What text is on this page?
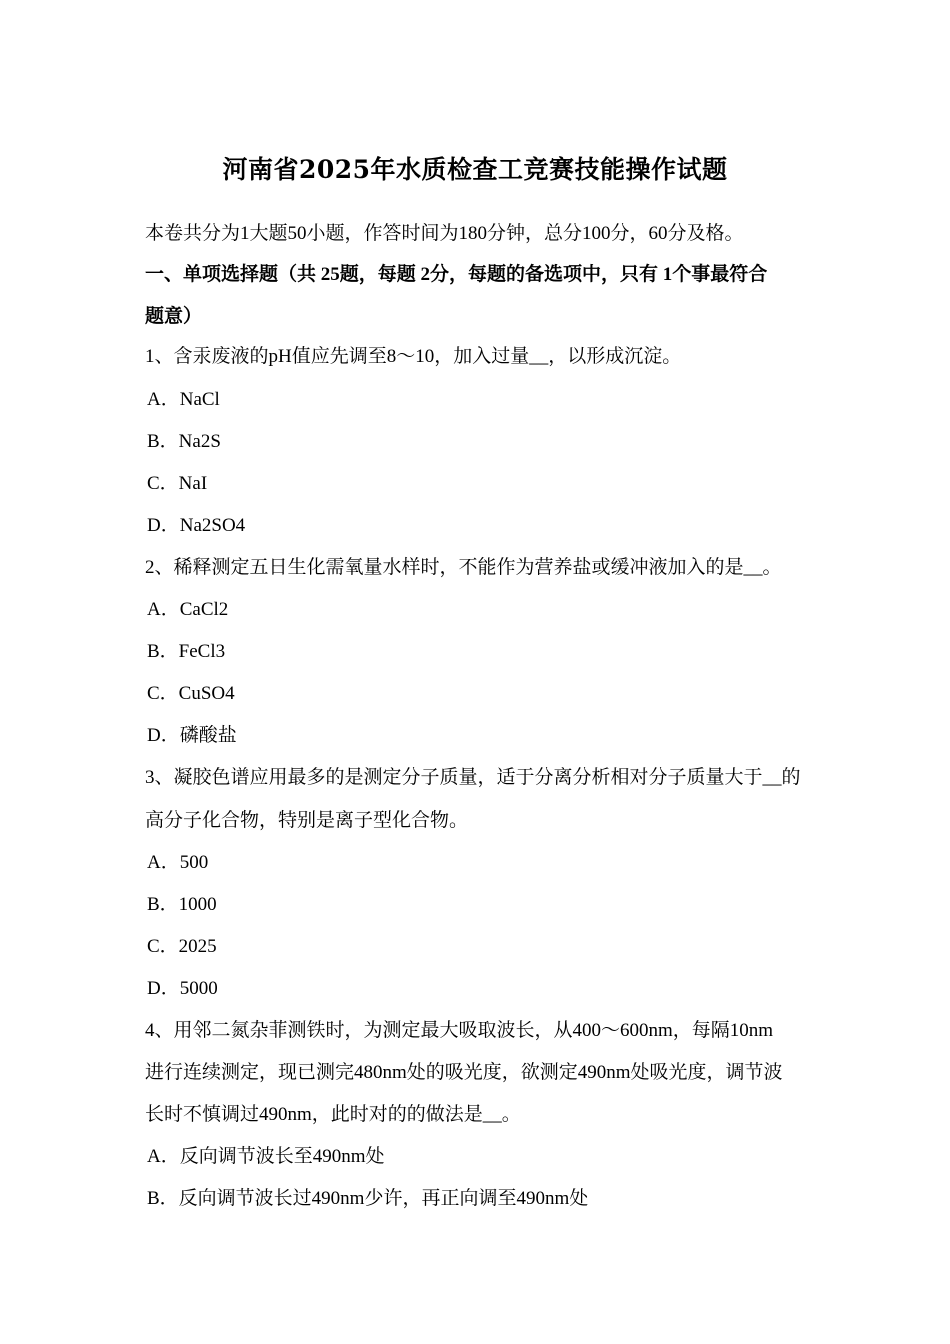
河南省2025年水质检查工竞赛技能操作试题
本卷共分为1大题50小题，作答时间为180分钟，总分100分，60分及格。
一、单项选择题（共 25题，每题 2分，每题的备选项中，只有 1个事最符合
题意）
1、含汞废液的pH值应先调至8～10，加入过量__，以形成沉淀。
A．NaCl
B．Na2S
C．NaI
D．Na2SO4
2、稀释测定五日生化需氧量水样时，不能作为营养盐或缓冲液加入的是__。
A．CaCl2
B．FeCl3
C．CuSO4
D．磷酸盐
3、凝胶色谱应用最多的是测定分子质量，适于分离分析相对分子质量大于__的
高分子化合物，特别是离子型化合物。
A．500
B．1000
C．2025
D．5000
4、用邻二氮杂菲测铁时，为测定最大吸取波长，从400～600nm，每隔10nm
进行连续测定，现已测完480nm处的吸光度，欲测定490nm处吸光度，调节波
长时不慎调过490nm，此时对的的做法是__。
A．反向调节波长至490nm处
B．反向调节波长过490nm少许，再正向调至490nm处
